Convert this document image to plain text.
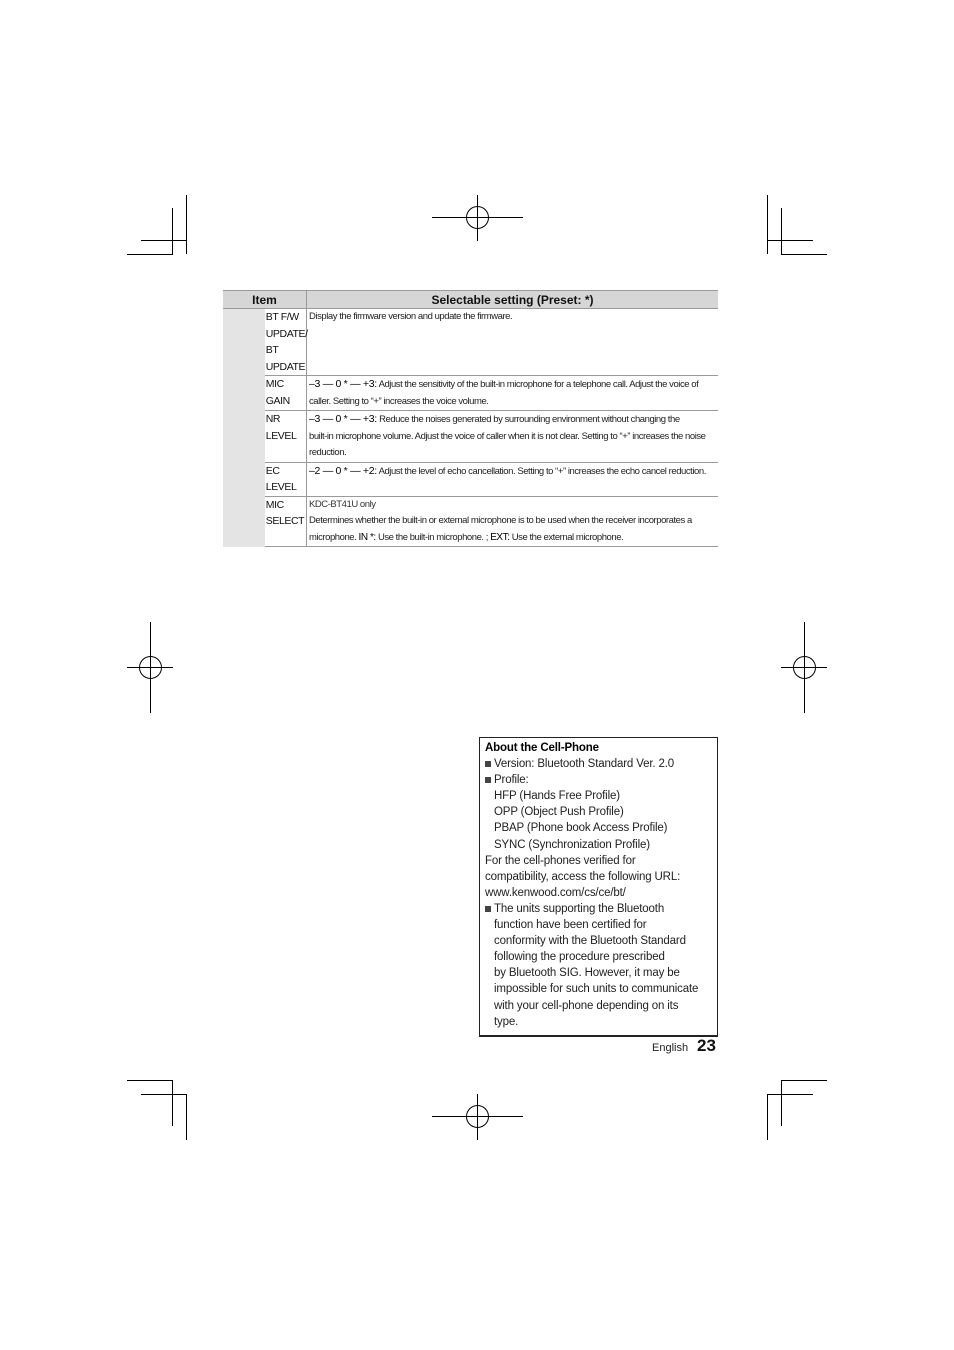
Item		Selectable setting (Preset: *)

	BT F/W UPDATE/
BT UPDATE	Display the firmware version and update the firmware.
	MIC GAIN	–3 — 0 * — +3: Adjust the sensitivity of the built-in microphone for a telephone call. Adjust the voice of caller. Setting to “+” increases the voice volume.
	NR LEVEL	–3 — 0 * — +3: Reduce the noises generated by surrounding environment without changing the
built-in microphone volume. Adjust the voice of caller when it is not clear. Setting to “+” increases the noise reduction.

	EC LEVEL	–2 — 0 * — +2: Adjust the level of echo cancellation. Setting to “+” increases the echo cancel reduction.
	MIC SELECT	KDC-BT41U only
Determines whether the built-in or external microphone is to be used when the receiver incorporates a microphone. IN *: Use the built-in microphone. ; EXT: Use the external microphone.
About the Cell-Phone
Version: Bluetooth Standard Ver. 2.0
Profile:
HFP (Hands Free Profile)
OPP (Object Push Profile)
PBAP (Phone book Access Profile)
SYNC (Synchronization Profile)
For the cell-phones verified for
compatibility, access the following URL:
www.kenwood.com/cs/ce/bt/
The units supporting the Bluetooth
function have been certified for
conformity with the Bluetooth Standard
following the procedure prescribed
by Bluetooth SIG. However, it may be
impossible for such units to communicate
with your cell-phone depending on its
type.
English 23
